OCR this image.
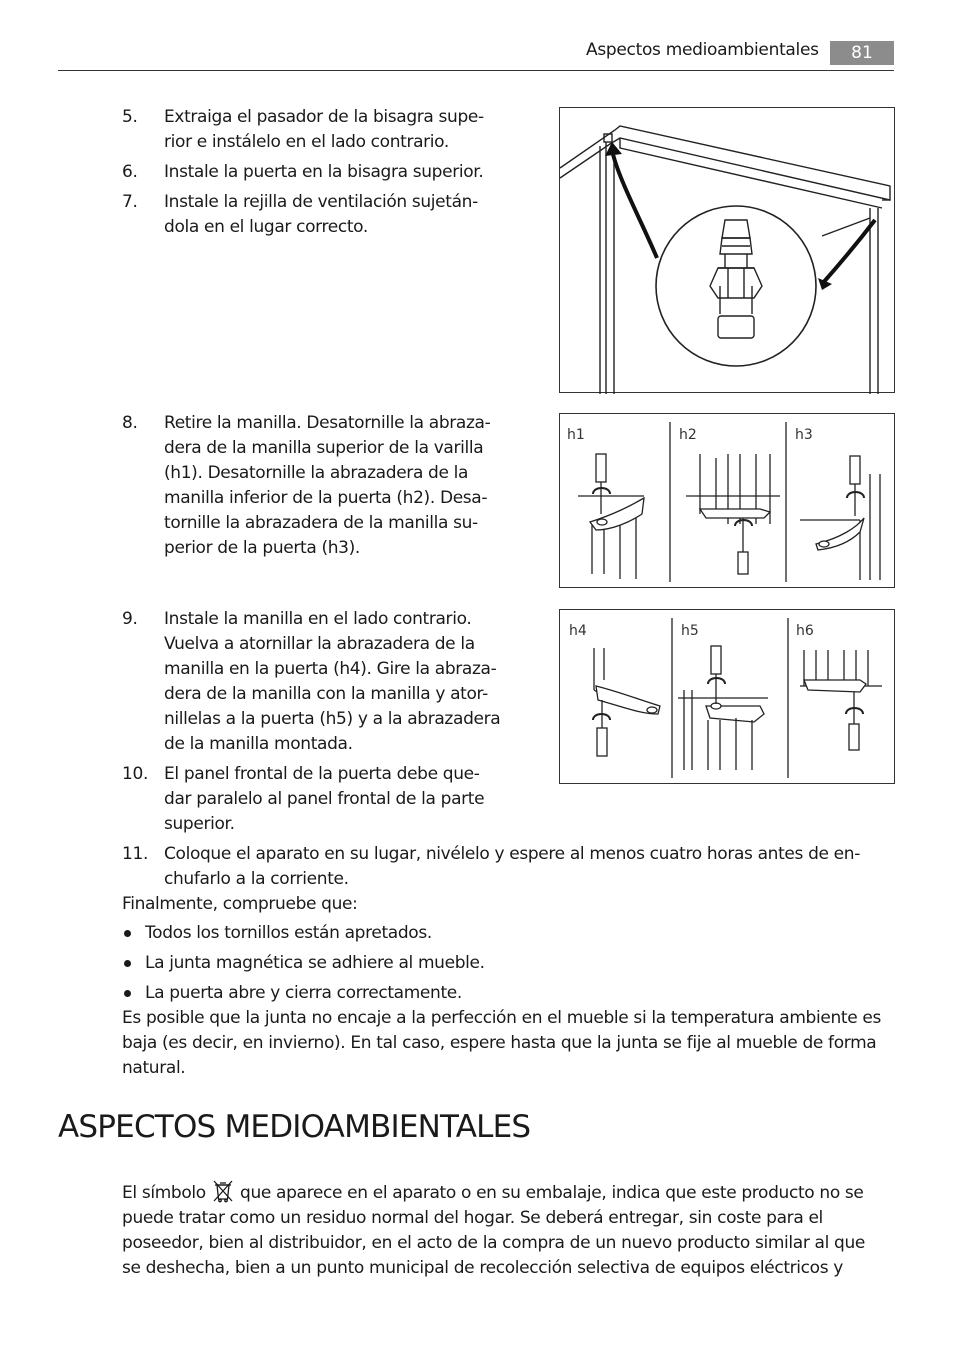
Aspectos medioambientales	81
5. Extraiga el pasador de la bisagra supe-
rior e instálelo en el lado contrario.
6. Instale la puerta en la bisagra superior.
7. Instale la rejilla de ventilación sujetán-
dola en el lugar correcto.
8. Retire la manilla. Desatornille la abraza-
dera de la manilla superior de la varilla
(h1). Desatornille la abrazadera de la
manilla inferior de la puerta (h2). Desa-
tornille la abrazadera de la manilla su-
perior de la puerta (h3).
h1	h2	h3
9. Instale la manilla en el lado contrario.
Vuelva a atornillar la abrazadera de la
manilla en la puerta (h4). Gire la abraza-
dera de la manilla con la manilla y ator-
nillelas a la puerta (h5) y a la abrazadera
de la manilla montada.
h4	h5	h6
10. El panel frontal de la puerta debe que-
dar paralelo al panel frontal de la parte
superior.
11. Coloque el aparato en su lugar, nivélelo y espere al menos cuatro horas antes de en-
chufarlo a la corriente.
Finalmente, compruebe que:
Todos los tornillos están apretados.
La junta magnética se adhiere al mueble.
La puerta abre y cierra correctamente.
Es posible que la junta no encaje a la perfección en el mueble si la temperatura ambiente es
baja (es decir, en invierno). En tal caso, espere hasta que la junta se fije al mueble de forma
natural.
ASPECTOS MEDIOAMBIENTALES
El símbolo que aparece en el aparato o en su embalaje, indica que este producto no se
puede tratar como un residuo normal del hogar. Se deberá entregar, sin coste para el
poseedor, bien al distribuidor, en el acto de la compra de un nuevo producto similar al que
se deshecha, bien a un punto municipal de recolección selectiva de equipos eléctricos y
